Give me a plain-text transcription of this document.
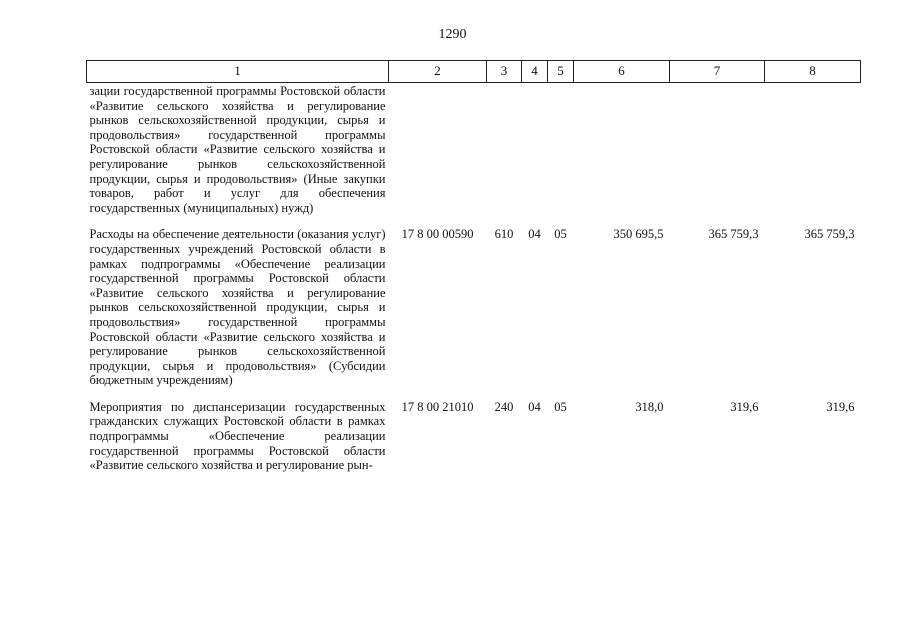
1290
1	2	3	4	5	6	7	8
зации государственной программы Ростовской области «Развитие сельского хозяйства и регулирование рынков сельскохозяйственной продукции, сырья и продовольствия» государственной программы Ростовской области «Развитие сельского хозяйства и регулирование рынков сельскохозяйственной продукции, сырья и продовольствия» (Иные закупки товаров, работ и услуг для обеспечения государственных (муниципальных) нужд)							
Расходы на обеспечение деятельности (оказания услуг) государственных учреждений Ростовской области в рамках подпрограммы «Обеспечение реализации государственной программы Ростовской области «Развитие сельского хозяйства и регулирование рынков сельскохозяйственной продукции, сырья и продовольствия» государственной программы Ростовской области «Развитие сельского хозяйства и регулирование рынков сельскохозяйственной продукции, сырья и продовольствия» (Субсидии бюджетным учреждениям)	17 8 00 00590	610	04	05	350 695,5	365 759,3	365 759,3
Мероприятия по диспансеризации государственных гражданских служащих Ростовской области в рамках подпрограммы «Обеспечение реализации государственной программы Ростовской области «Развитие сельского хозяйства и регулирование рын-	17 8 00 21010	240	04	05	318,0	319,6	319,6
